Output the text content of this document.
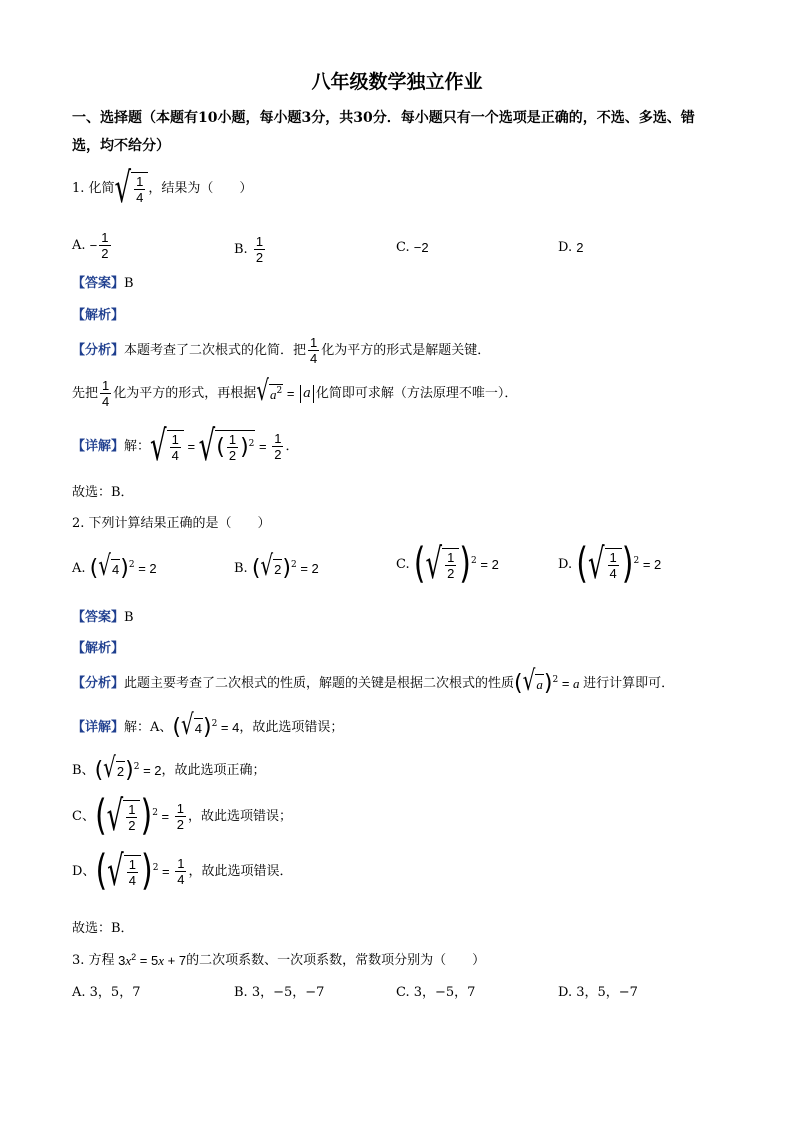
八年级数学独立作业
一、选择题（本题有10小题，每小题3分，共30分．每小题只有一个选项是正确的，不选、多选、错选，均不给分）
1. 化简 √ $\frac{1}{4}$ ，结果为（　　）
A.
− $\frac{1}{2}$	B.
$\frac{1}{2}$	C.
−2	D.
2
【答案】B
【解析】
【分析】 本题考查了二次根式的化简．把 $\frac{1}{4}$ 化为平方的形式是解题关键．
先把 $\frac{1}{4}$ 化为平方的形式，再根据 √ $a^2 = a$ 化简即可求解（方法原理不唯一）．
【详解】 解： √ $\frac{1}{4}$ = √ ( $\frac{1}{2} )^2 = \frac{1}{2}$ ．
故选：B．
2. 下列计算结果正确的是（　　）
A.
( √ 4 )$^2$ = 2	B.
( √ 2 )$^2$ = 2	C.
( √ $\frac{1}{2} )^2 = 2$	D.
( √ $\frac{1}{4} )^2 = 2$
【答案】B
【解析】
【分析】 此题主要考查了二次根式的性质，解题的关键是根据二次根式的性质 ( √ a )$^2$ = a 进行计算即可．
【详解】 解：A、 ( √ 4 )$^2$ = 4 ，故此选项错误；
B、 ( √ 2 )$^2$ = 2 ，故此选项正确；
C、 ( √ $\frac{1}{2} )^2 = \frac{1}{2}$ ，故此选项错误；
D、 ( √ $\frac{1}{4} )^2 = \frac{1}{4}$ ，故此选项错误．
故选：B．
3. 方程 $3x^2 = 5x + 7$ 的二次项系数、一次项系数，常数项分别为（　　）
A. 3，5，7	B. 3，−5，−7	C. 3，−5，7	D. 3，5，−7
